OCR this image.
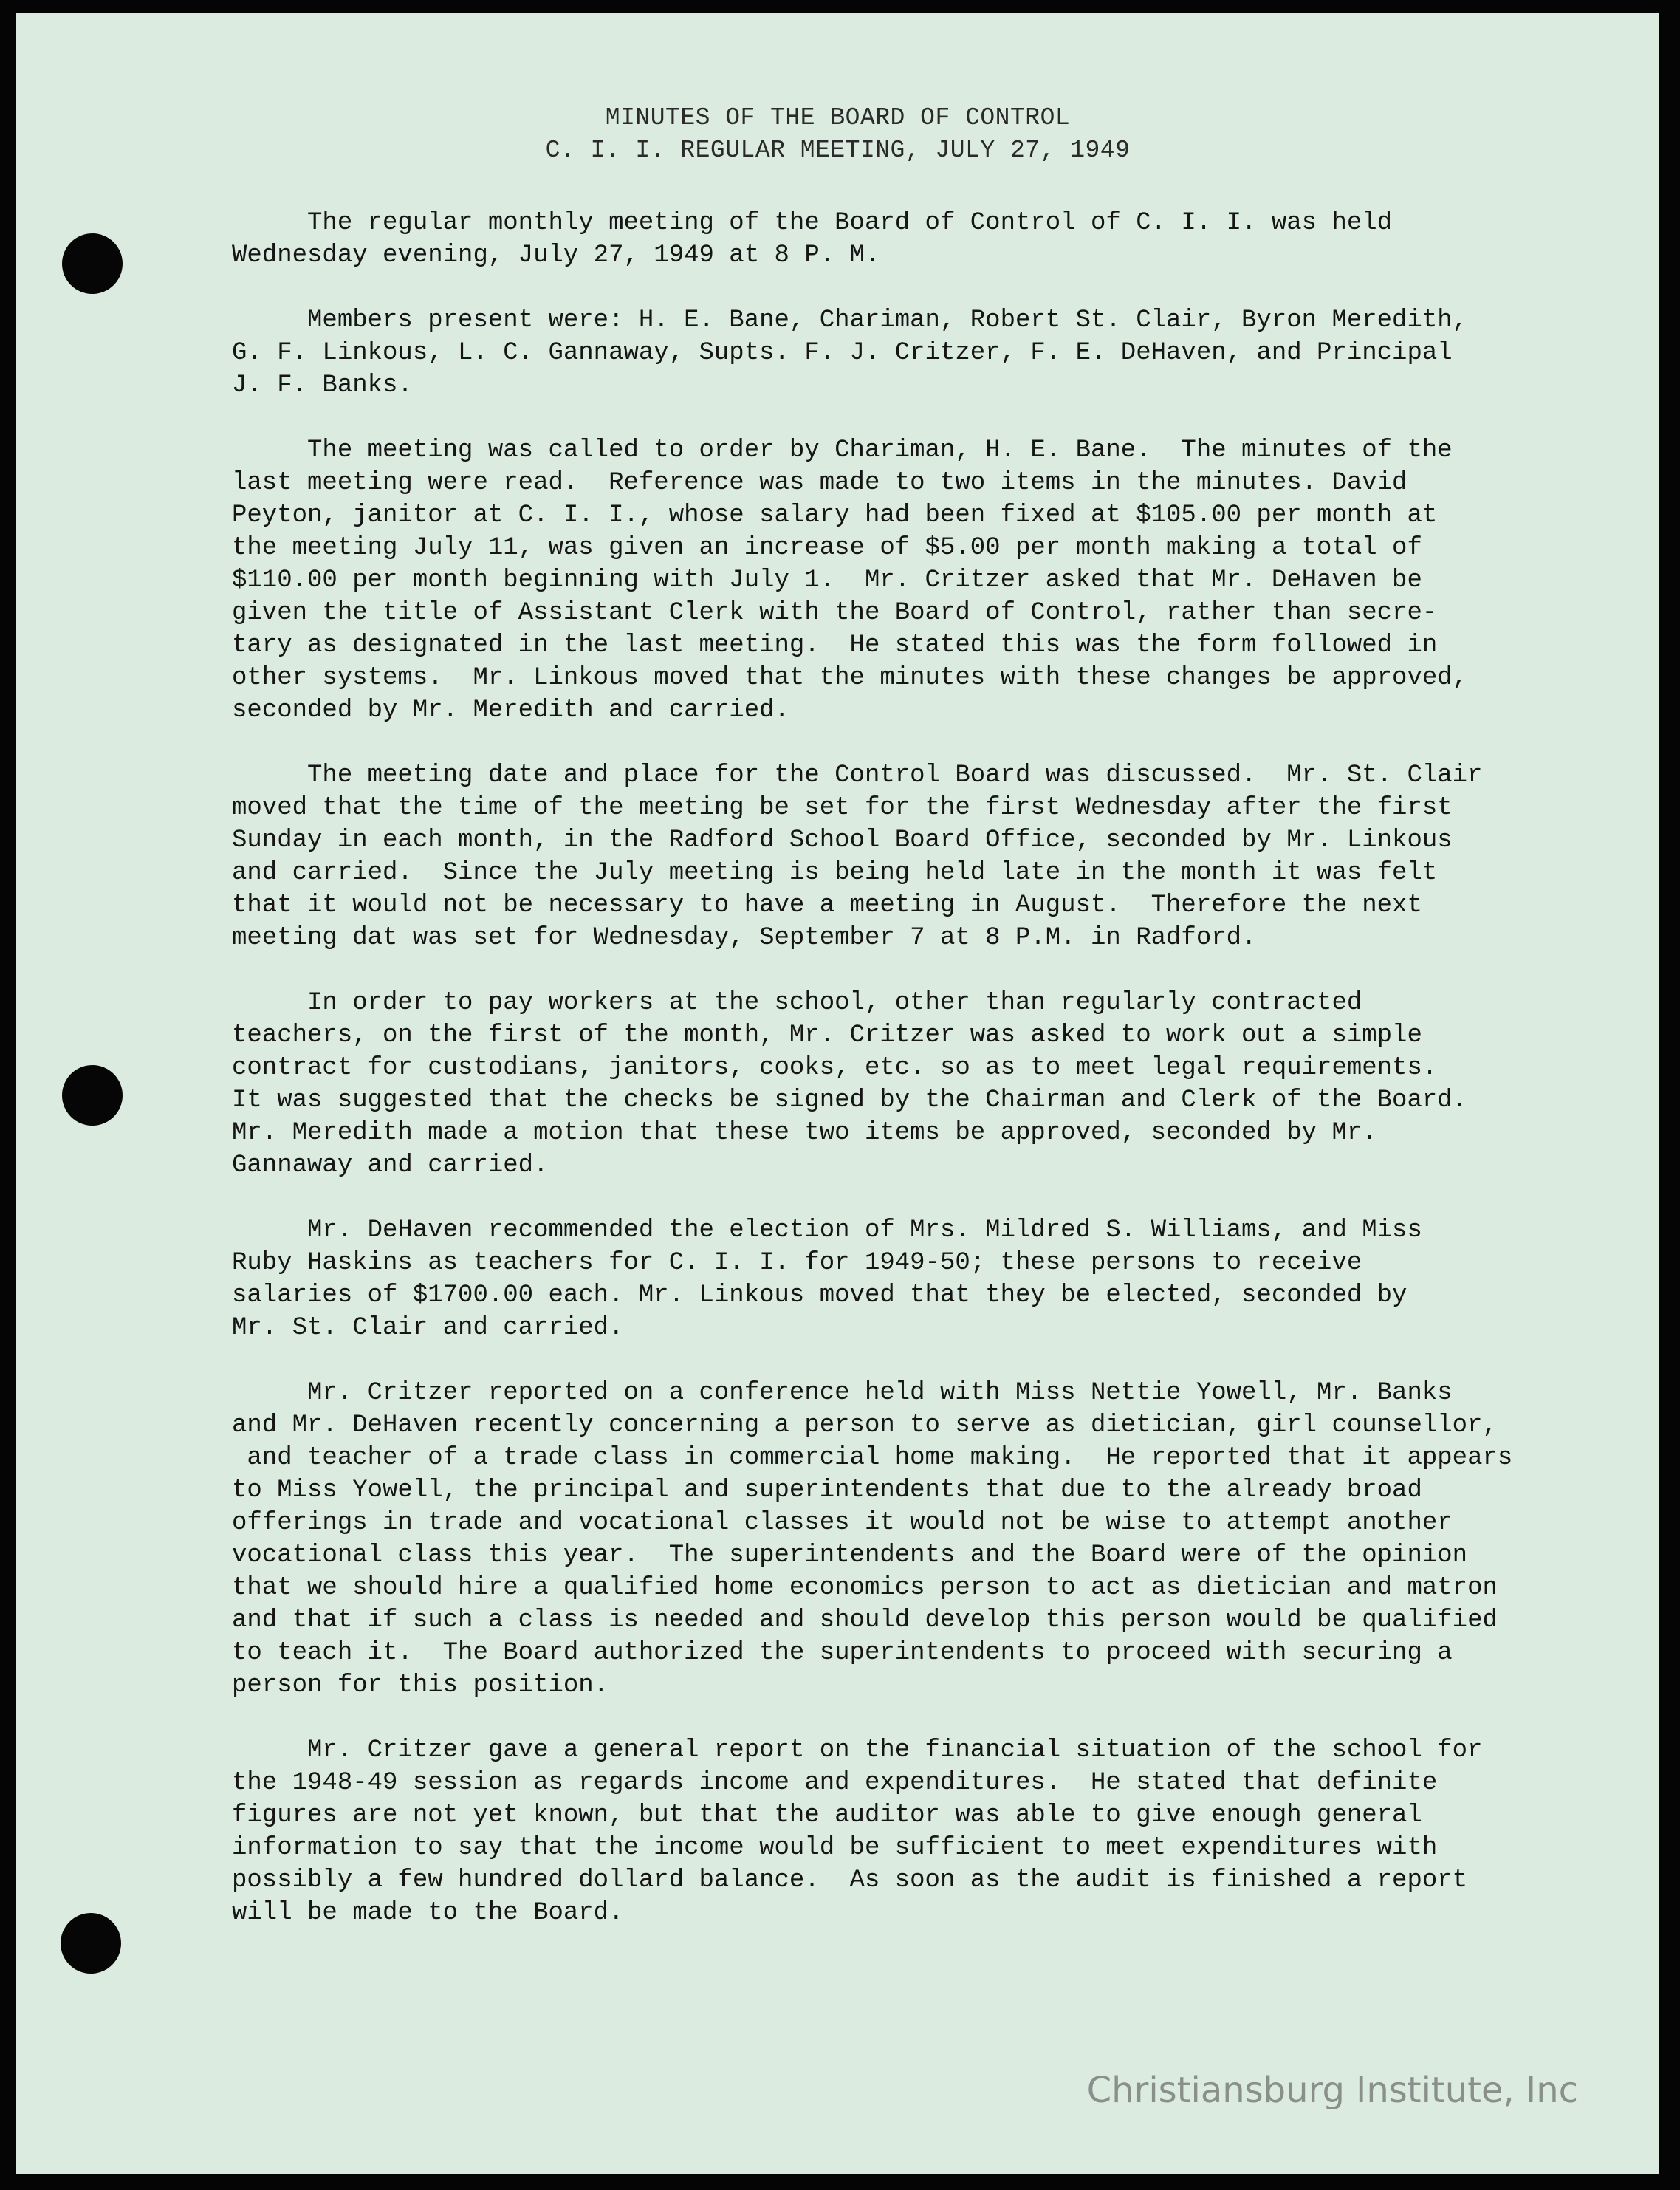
MINUTES OF THE BOARD OF CONTROL
C. I. I. REGULAR MEETING, JULY 27, 1949
The regular monthly meeting of the Board of Control of C. I. I. was held
Wednesday evening, July 27, 1949 at 8 P. M.
Members present were: H. E. Bane, Chariman, Robert St. Clair, Byron Meredith,
G. F. Linkous, L. C. Gannaway, Supts. F. J. Critzer, F. E. DeHaven, and Principal
J. F. Banks.
The meeting was called to order by Chariman, H. E. Bane.  The minutes of the
last meeting were read.  Reference was made to two items in the minutes. David
Peyton, janitor at C. I. I., whose salary had been fixed at $105.00 per month at
the meeting July 11, was given an increase of $5.00 per month making a total of
$110.00 per month beginning with July 1.  Mr. Critzer asked that Mr. DeHaven be
given the title of Assistant Clerk with the Board of Control, rather than secre-
tary as designated in the last meeting.  He stated this was the form followed in
other systems.  Mr. Linkous moved that the minutes with these changes be approved,
seconded by Mr. Meredith and carried.
The meeting date and place for the Control Board was discussed.  Mr. St. Clair
moved that the time of the meeting be set for the first Wednesday after the first
Sunday in each month, in the Radford School Board Office, seconded by Mr. Linkous
and carried.  Since the July meeting is being held late in the month it was felt
that it would not be necessary to have a meeting in August.  Therefore the next
meeting dat was set for Wednesday, September 7 at 8 P.M. in Radford.
In order to pay workers at the school, other than regularly contracted
teachers, on the first of the month, Mr. Critzer was asked to work out a simple
contract for custodians, janitors, cooks, etc. so as to meet legal requirements.
It was suggested that the checks be signed by the Chairman and Clerk of the Board.
Mr. Meredith made a motion that these two items be approved, seconded by Mr.
Gannaway and carried.
Mr. DeHaven recommended the election of Mrs. Mildred S. Williams, and Miss
Ruby Haskins as teachers for C. I. I. for 1949-50; these persons to receive
salaries of $1700.00 each. Mr. Linkous moved that they be elected, seconded by
Mr. St. Clair and carried.
Mr. Critzer reported on a conference held with Miss Nettie Yowell, Mr. Banks
and Mr. DeHaven recently concerning a person to serve as dietician, girl counsellor,
and teacher of a trade class in commercial home making.  He reported that it appears
to Miss Yowell, the principal and superintendents that due to the already broad
offerings in trade and vocational classes it would not be wise to attempt another
vocational class this year.  The superintendents and the Board were of the opinion
that we should hire a qualified home economics person to act as dietician and matron
and that if such a class is needed and should develop this person would be qualified
to teach it.  The Board authorized the superintendents to proceed with securing a
person for this position.
Mr. Critzer gave a general report on the financial situation of the school for
the 1948-49 session as regards income and expenditures.  He stated that definite
figures are not yet known, but that the auditor was able to give enough general
information to say that the income would be sufficient to meet expenditures with
possibly a few hundred dollard balance.  As soon as the audit is finished a report
will be made to the Board.
Christiansburg Institute, Inc
